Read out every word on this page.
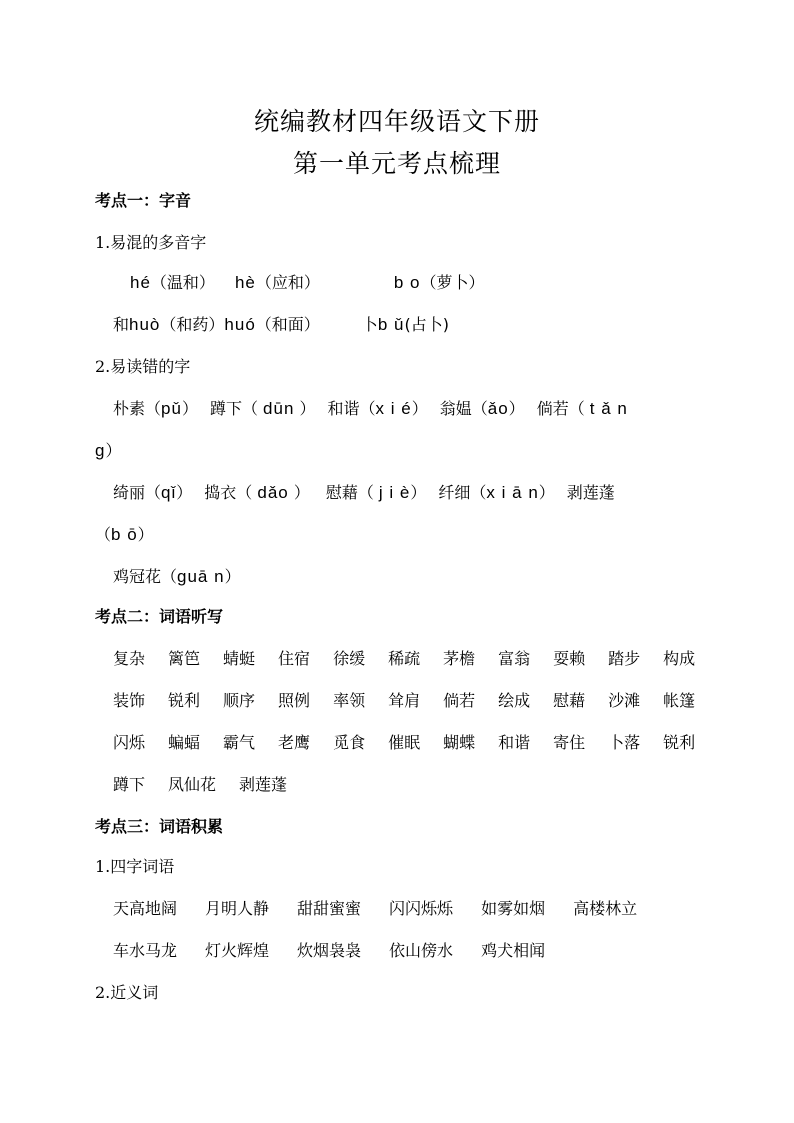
统编教材四年级语文下册
第一单元考点梳理
考点一：字音
1.易混的多音字
hé（温和） hè（应和）	b o（萝卜）
和huò（和药）huó（和面）	卜b ǔ(占卜)
2.易读错的字
朴素（pǔ） 蹲下（ dūn ） 和谐（x i é） 翁媪（ǎo） 倘若（ t ǎ n
g）
绮丽（qǐ） 捣衣（ dǎo ） 慰藉（ j i è） 纤细（x i ā n） 剥莲蓬
（b ō）
鸡冠花（guā n）
考点二：词语听写
复杂 篱笆 蜻蜓 住宿 徐缓 稀疏 茅檐 富翁 耍赖 踏步 构成
装饰 锐利 顺序 照例 率领 耸肩 倘若 绘成 慰藉 沙滩 帐篷
闪烁 蝙蝠 霸气 老鹰 觅食 催眠 蝴蝶 和谐 寄住 卜落 锐利
蹲下 凤仙花 剥莲蓬
考点三：词语积累
1.四字词语
天高地阔 月明人静 甜甜蜜蜜 闪闪烁烁 如雾如烟 高楼林立
车水马龙 灯火辉煌 炊烟袅袅 依山傍水 鸡犬相闻
2.近义词
